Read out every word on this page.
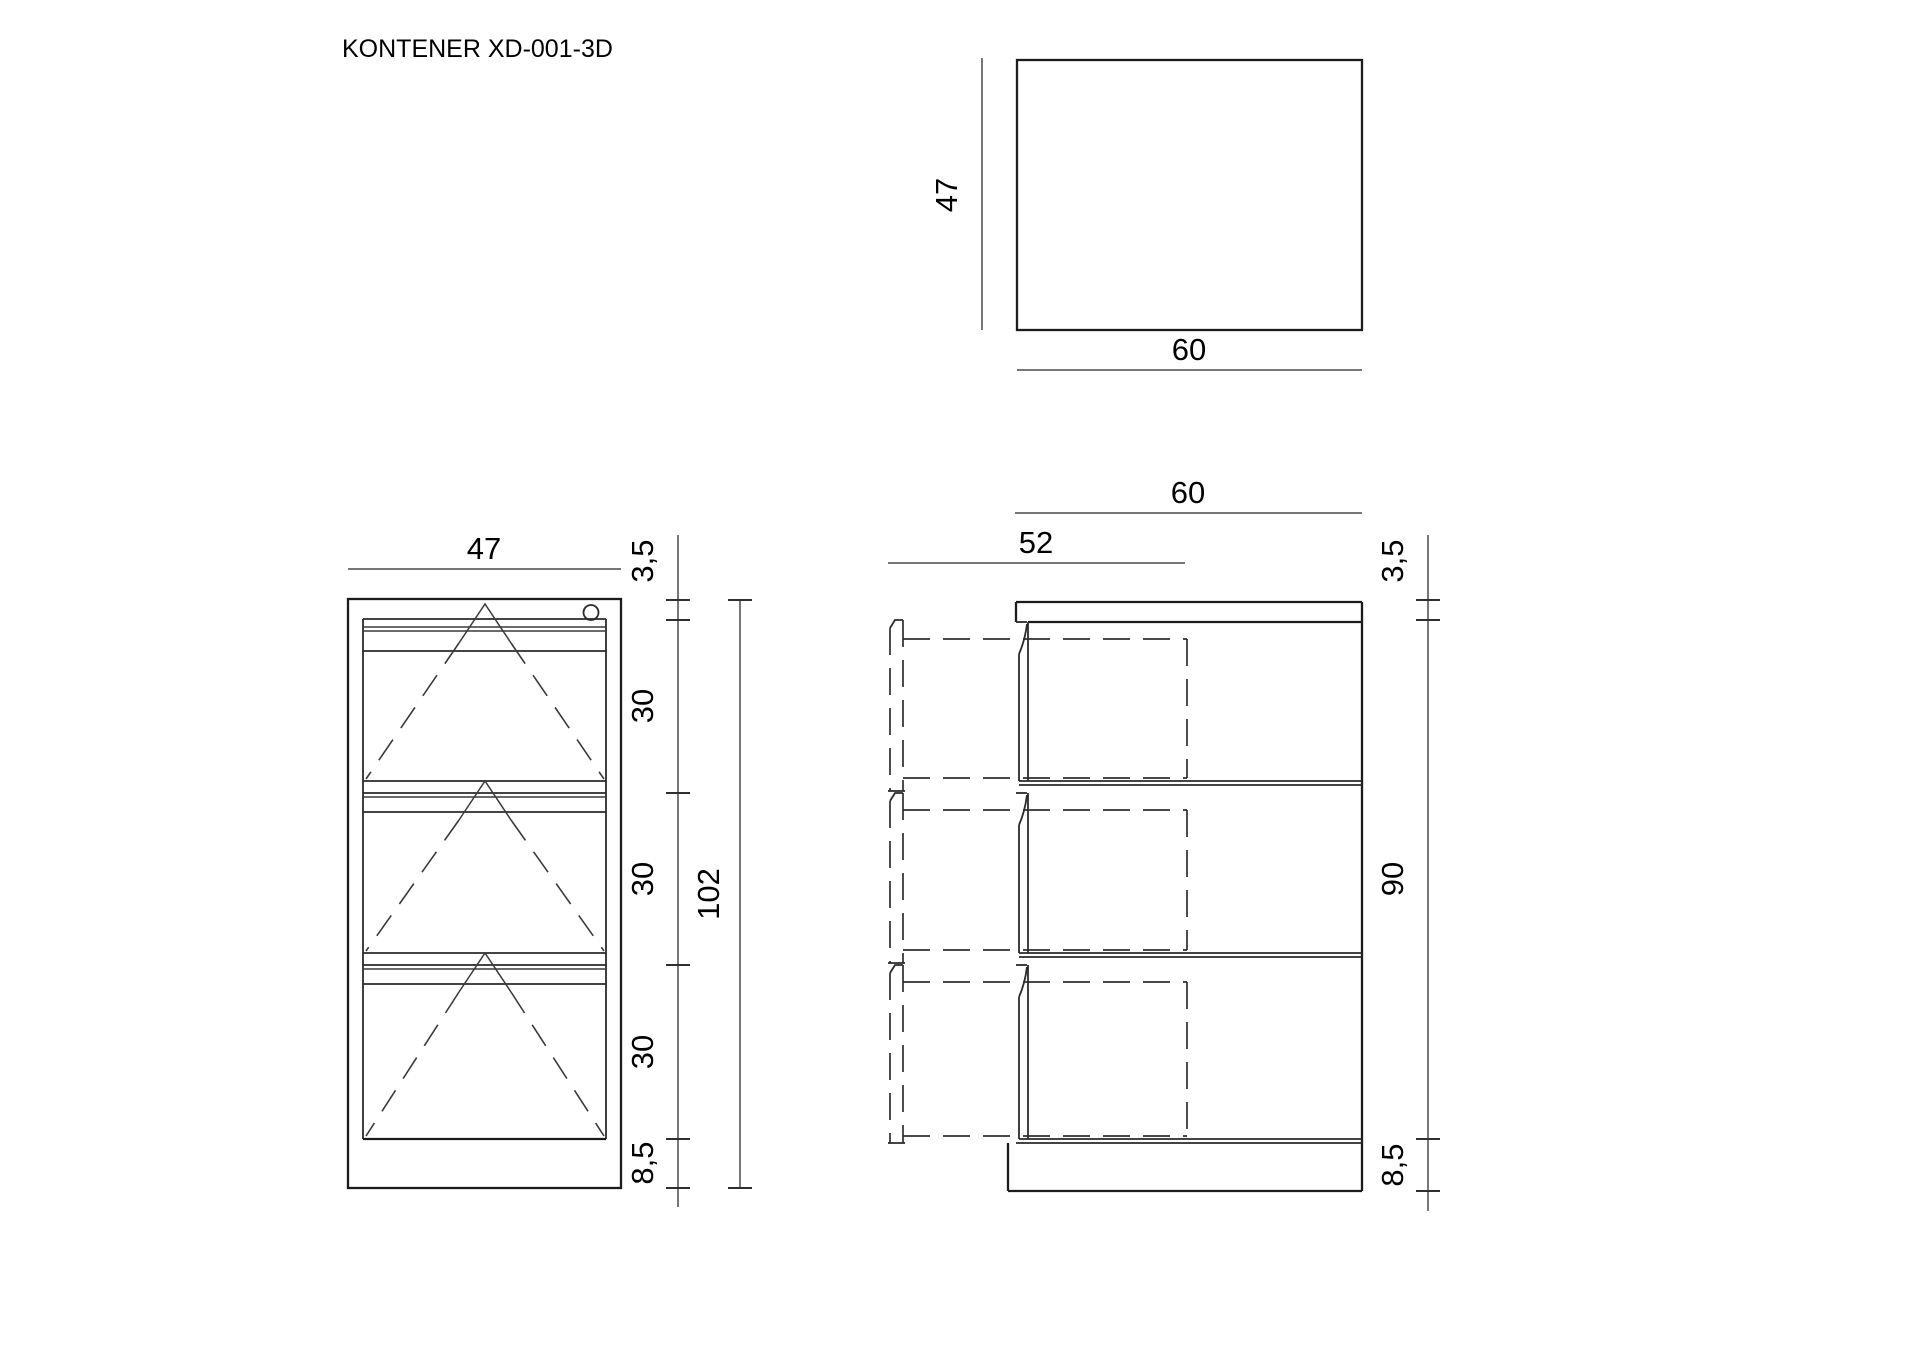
KONTENER XD-001-3D
47
60
47	3,5
30
30
30
8,5
102
60
52	3,5
90
8,5
